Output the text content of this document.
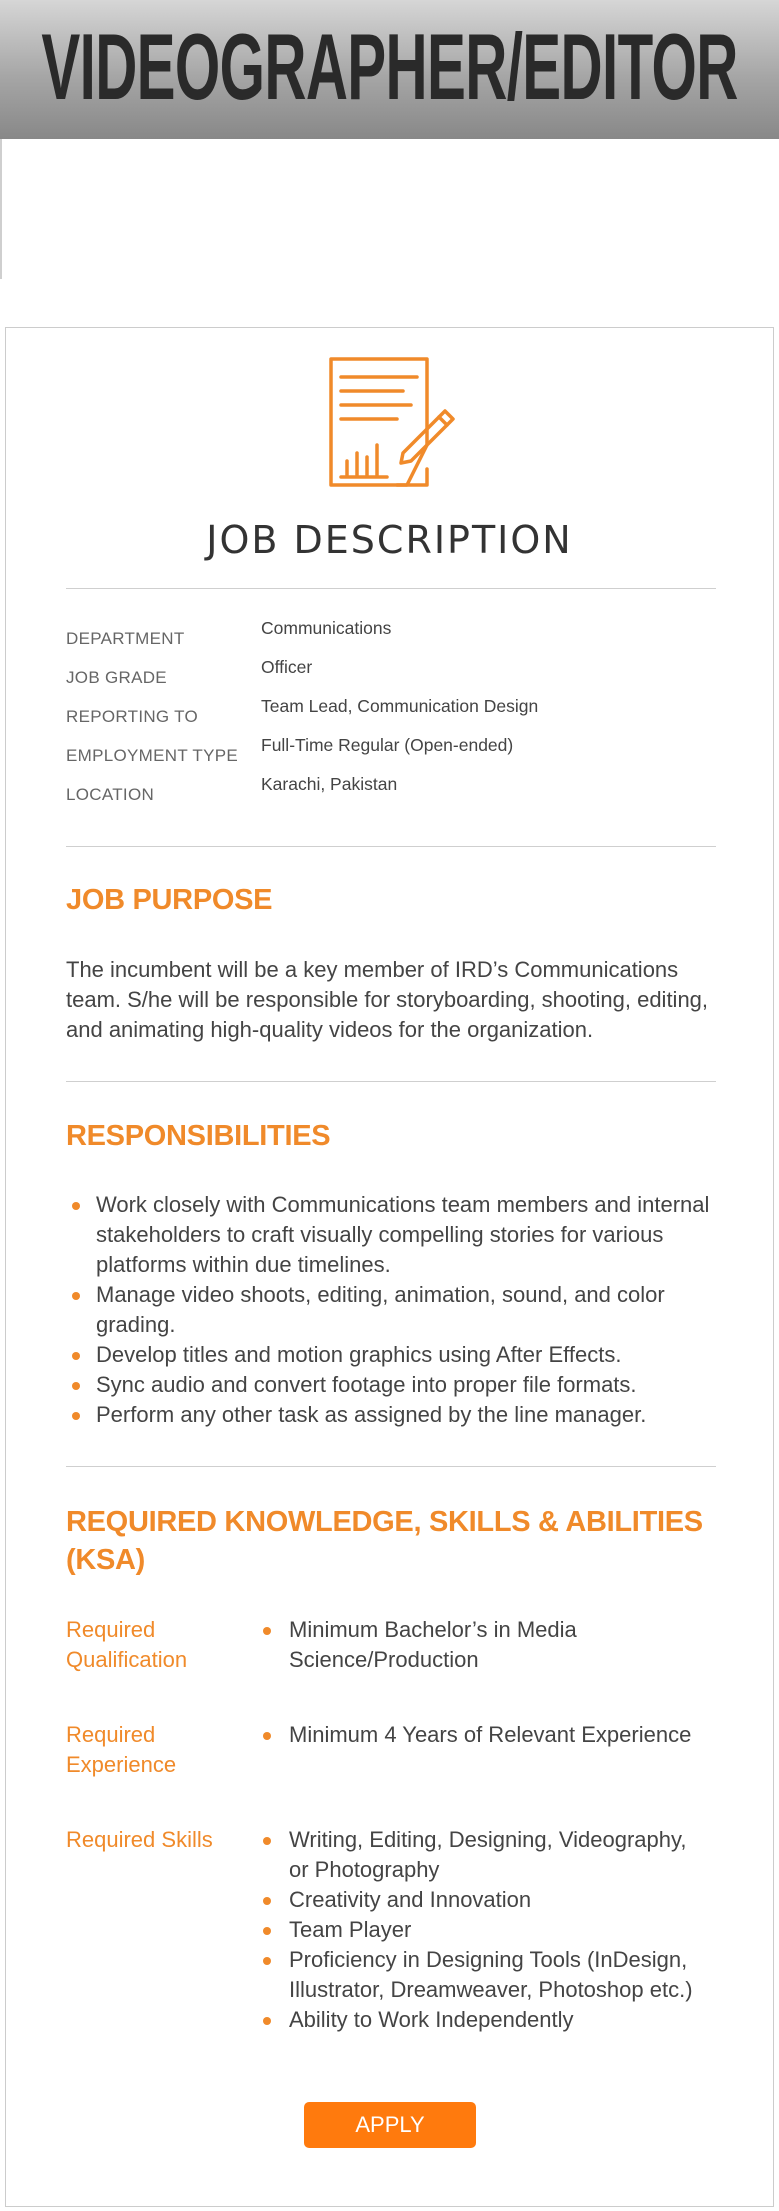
VIDEOGRAPHER/EDITOR
JOB DESCRIPTION
DEPARTMENT
Communications
JOB GRADE
Officer
REPORTING TO
Team Lead, Communication Design
EMPLOYMENT TYPE
Full-Time Regular (Open-ended)
LOCATION
Karachi, Pakistan
JOB PURPOSE

The incumbent will be a key member of IRD’s Communications team. S/he will be responsible for storyboarding, shooting, editing, and animating high-quality videos for the organization.

RESPONSIBILITIES
Work closely with Communications team members and internal stakeholders to craft visually compelling stories for various platforms within due timelines.
Manage video shoots, editing, animation, sound, and color grading.
Develop titles and motion graphics using After Effects.
Sync audio and convert footage into proper file formats.
Perform any other task as assigned by the line manager.
REQUIRED KNOWLEDGE, SKILLS & ABILITIES (KSA)
Required Qualification
Minimum Bachelor’s in Media Science/Production
Required Experience
Minimum 4 Years of Relevant Experience
Required Skills	Writing, Editing, Designing, Videography, or Photography
Creativity and Innovation
Team Player
Proficiency in Designing Tools (InDesign, Illustrator, Dreamweaver, Photoshop etc.)
Ability to Work Independently
APPLY
